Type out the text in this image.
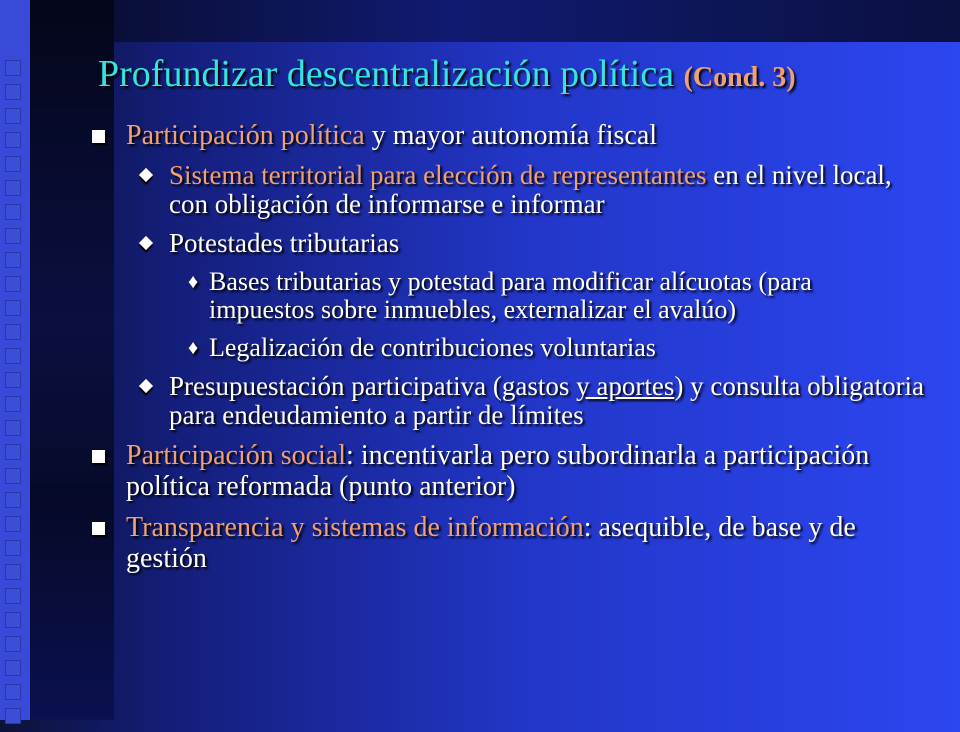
Profundizar descentralización política (Cond. 3)
Participación política y mayor autonomía fiscal
Sistema territorial para elección de representantes en el nivel local, con obligación de informarse e informar
Potestades tributarias
♦ Bases tributarias y potestad para modificar alícuotas (para impuestos sobre inmuebles, externalizar el avalúo)
♦ Legalización de contribuciones voluntarias
Presupuestación participativa (gastos y aportes) y consulta obligatoria para endeudamiento a partir de límites
Participación social: incentivarla pero subordinarla a participación política reformada (punto anterior)
Transparencia y sistemas de información: asequible, de base y de gestión
